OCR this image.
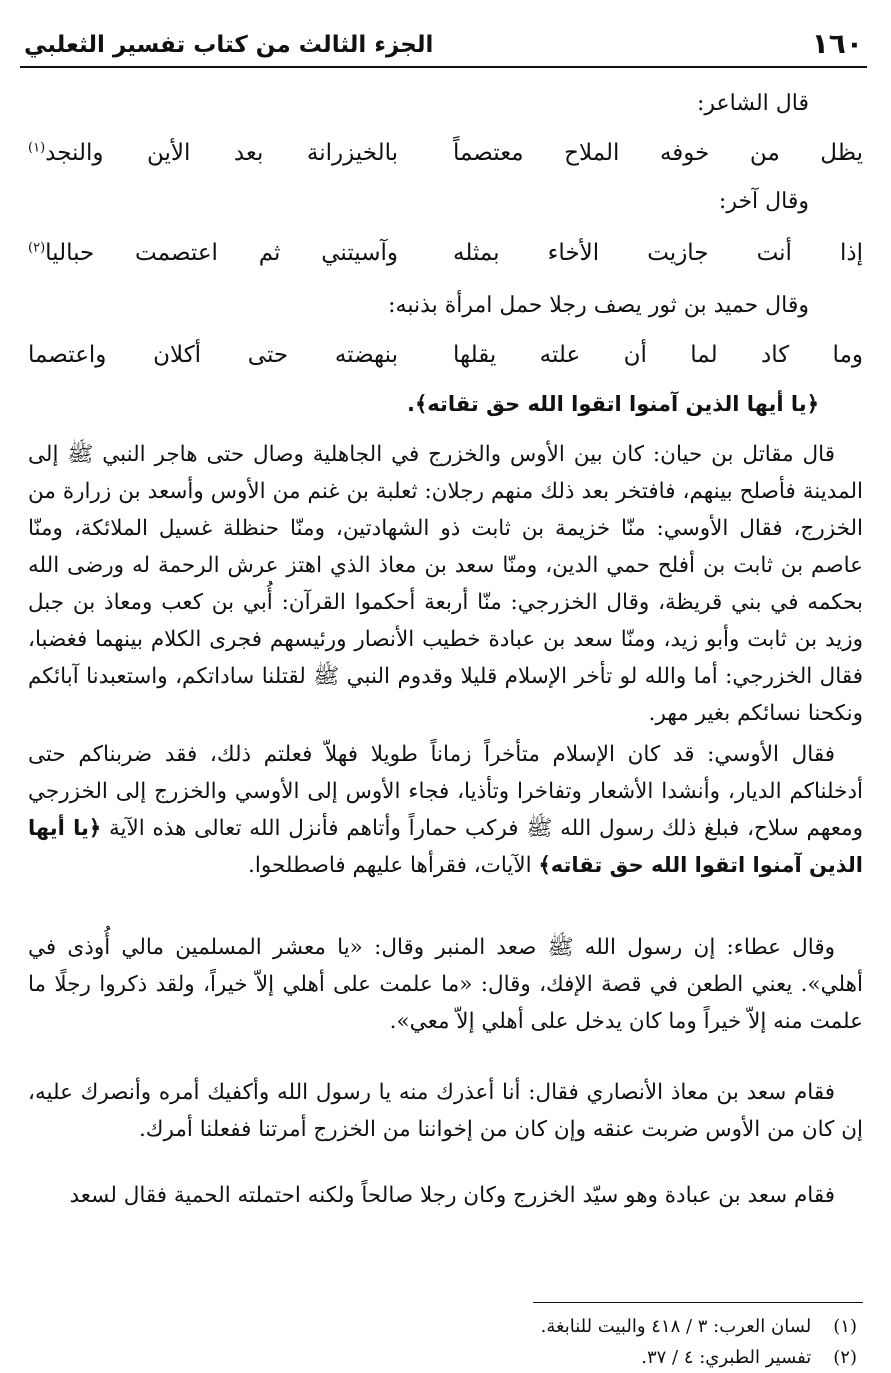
١٦٠
الجزء الثالث من كتاب تفسير الثعلبي
قال الشاعر:
يظل من خوفه الملاح معتصماً
بالخيزرانة بعد الأين والنجد$^{(١)}$
وقال آخر:
إذا أنت جازيت الأخاء بمثله
وآسيتني ثم اعتصمت حباليا$^{(٢)}$
وقال حميد بن ثور يصف رجلا حمل امرأة بذنبه:
وما كاد لما أن علته يقلها
بنهضته حتى أكلان واعتصما
﴿يا أيها الذين آمنوا اتقوا الله حق تقاته﴾.
قال مقاتل بن حيان: كان بين الأوس والخزرج في الجاهلية وصال حتى هاجر النبي ﷺ إلى المدينة فأصلح بينهم، فافتخر بعد ذلك منهم رجلان: ثعلبة بن غنم من الأوس وأسعد بن زرارة من الخزرج، فقال الأوسي: منّا خزيمة بن ثابت ذو الشهادتين، ومنّا حنظلة غسيل الملائكة، ومنّا عاصم بن ثابت بن أفلح حمي الدين، ومنّا سعد بن معاذ الذي اهتز عرش الرحمة له ورضى الله بحكمه في بني قريظة، وقال الخزرجي: منّا أربعة أحكموا القرآن: أُبي بن كعب ومعاذ بن جبل وزيد بن ثابت وأبو زيد، ومنّا سعد بن عبادة خطيب الأنصار ورئيسهم فجرى الكلام بينهما فغضبا، فقال الخزرجي: أما والله لو تأخر الإسلام قليلا وقدوم النبي ﷺ لقتلنا ساداتكم، واستعبدنا آبائكم ونكحنا نسائكم بغير مهر.
فقال الأوسي: قد كان الإسلام متأخراً زماناً طويلا فهلاّ فعلتم ذلك، فقد ضربناكم حتى أدخلناكم الديار، وأنشدا الأشعار وتفاخرا وتأذيا، فجاء الأوس إلى الأوسي والخزرج إلى الخزرجي ومعهم سلاح، فبلغ ذلك رسول الله ﷺ فركب حماراً وأتاهم فأنزل الله تعالى هذه الآية ﴿يا أيها الذين آمنوا اتقوا الله حق تقاته﴾ الآيات، فقرأها عليهم فاصطلحوا.
وقال عطاء: إن رسول الله ﷺ صعد المنبر وقال: «يا معشر المسلمين مالي أُوذى في أهلي». يعني الطعن في قصة الإفك، وقال: «ما علمت على أهلي إلاّ خيراً، ولقد ذكروا رجلًا ما علمت منه إلاّ خيراً وما كان يدخل على أهلي إلاّ معي».
فقام سعد بن معاذ الأنصاري فقال: أنا أعذرك منه يا رسول الله وأكفيك أمره وأنصرك عليه، إن كان من الأوس ضربت عنقه وإن كان من إخواننا من الخزرج أمرتنا ففعلنا أمرك.
فقام سعد بن عبادة وهو سيّد الخزرج وكان رجلا صالحاً ولكنه احتملته الحمية فقال لسعد
(١) لسان العرب: ٣ / ٤١٨ والبيت للنابغة.
(٢) تفسير الطبري: ٤ / ٣٧.
